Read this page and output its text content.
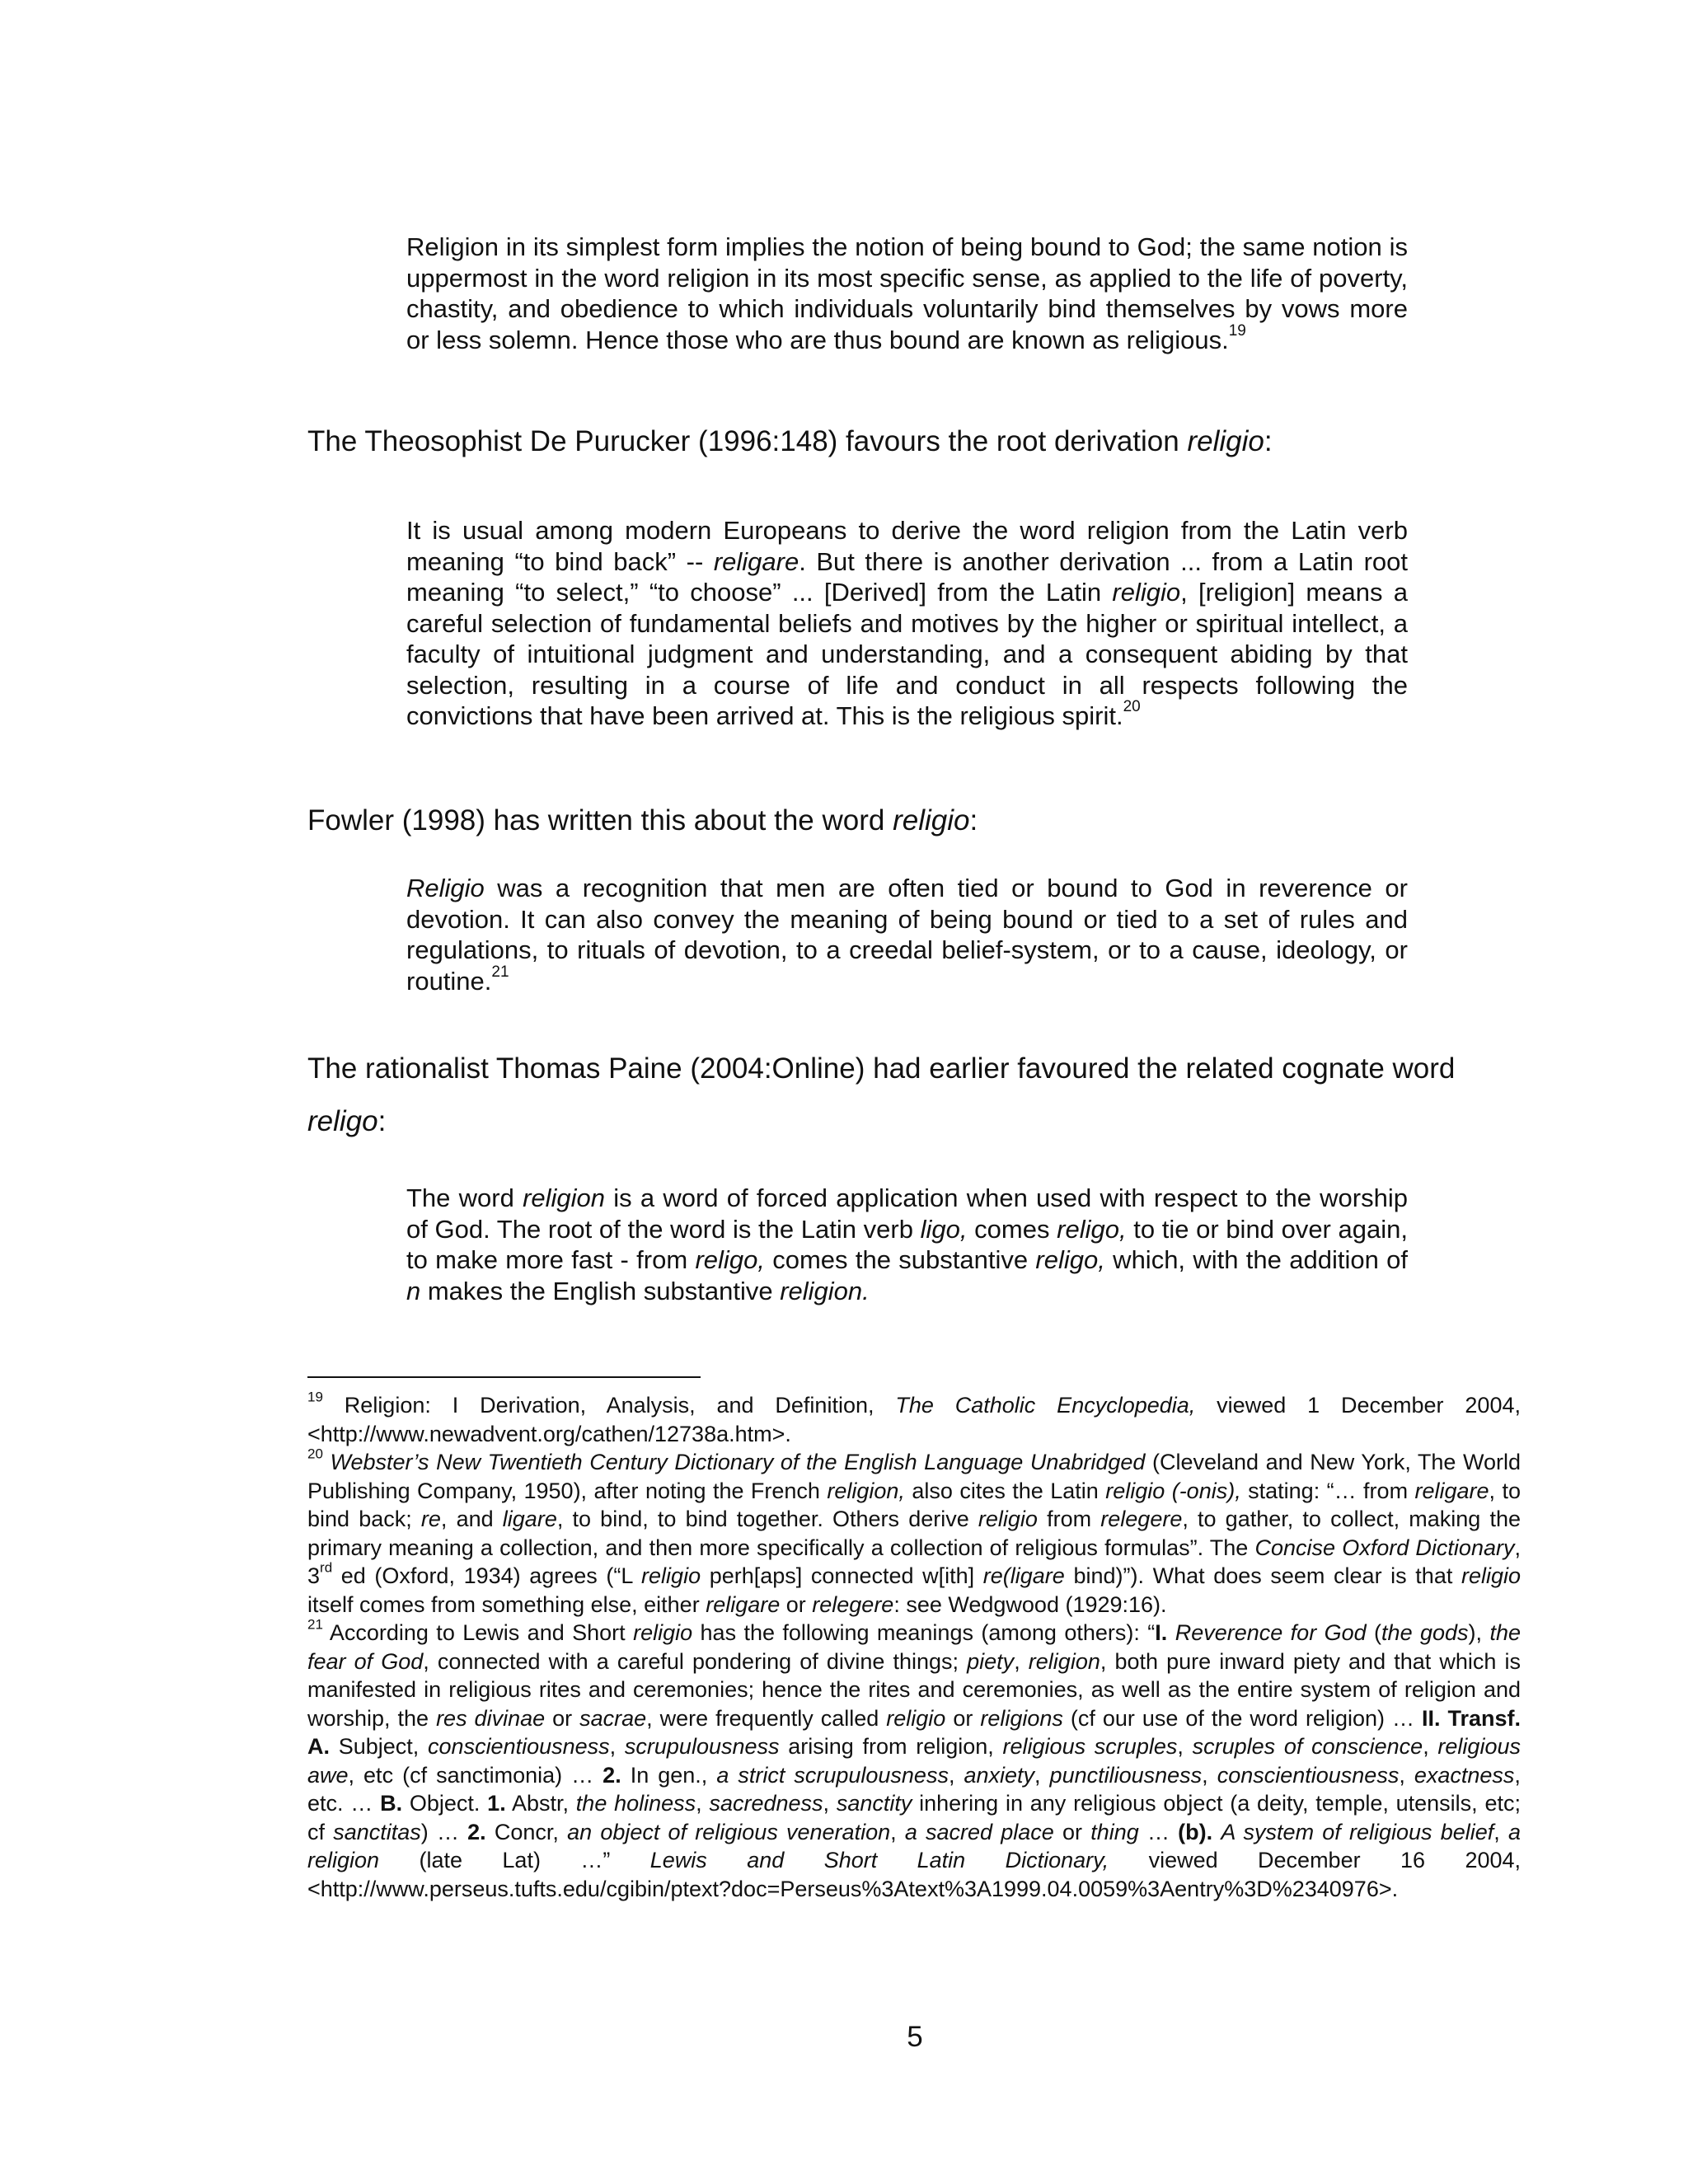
Religion in its simplest form implies the notion of being bound to God; the same notion is uppermost in the word religion in its most specific sense, as applied to the life of poverty, chastity, and obedience to which individuals voluntarily bind themselves by vows more or less solemn. Hence those who are thus bound are known as religious.$^{19}$
The Theosophist De Purucker (1996:148) favours the root derivation religio:
It is usual among modern Europeans to derive the word religion from the Latin verb meaning “to bind back” -- religare. But there is another derivation ... from a Latin root meaning “to select,” “to choose” ... [Derived] from the Latin religio, [religion] means a careful selection of fundamental beliefs and motives by the higher or spiritual intellect, a faculty of intuitional judgment and understanding, and a consequent abiding by that selection, resulting in a course of life and conduct in all respects following the convictions that have been arrived at. This is the religious spirit.$^{20}$
Fowler (1998) has written this about the word religio:
Religio was a recognition that men are often tied or bound to God in reverence or devotion. It can also convey the meaning of being bound or tied to a set of rules and regulations, to rituals of devotion, to a creedal belief-system, or to a cause, ideology, or routine.$^{21}$
The rationalist Thomas Paine (2004:Online) had earlier favoured the related cognate word
religo:
The word religion is a word of forced application when used with respect to the worship of God. The root of the word is the Latin verb ligo, comes religo, to tie or bind over again, to make more fast - from religo, comes the substantive religo, which, with the addition of n makes the English substantive religion.

$^{19}$ Religion: I Derivation, Analysis, and Definition, The Catholic Encyclopedia, viewed 1 December 2004, <http://www.newadvent.org/cathen/12738a.htm>.

$^{20}$ Webster’s New Twentieth Century Dictionary of the English Language Unabridged (Cleveland and New York, The World Publishing Company, 1950), after noting the French religion, also cites the Latin religio (-onis), stating: “… from religare, to bind back; re, and ligare, to bind, to bind together. Others derive religio from relegere, to gather, to collect, making the primary meaning a collection, and then more specifically a collection of religious formulas”. The Concise Oxford Dictionary, 3rd ed (Oxford, 1934) agrees (“L religio perh[aps] connected w[ith] re(ligare bind)”). What does seem clear is that religio itself comes from something else, either religare or relegere: see Wedgwood (1929:16).

$^{21}$ According to Lewis and Short religio has the following meanings (among others): “I. Reverence for God (the gods), the fear of God, connected with a careful pondering of divine things; piety, religion, both pure inward piety and that which is manifested in religious rites and ceremonies; hence the rites and ceremonies, as well as the entire system of religion and worship, the res divinae or sacrae, were frequently called religio or religions (cf our use of the word religion) … II. Transf. A. Subject, conscientiousness, scrupulousness arising from religion, religious scruples, scruples of conscience, religious awe, etc (cf sanctimonia) … 2. In gen., a strict scrupulousness, anxiety, punctiliousness, conscientiousness, exactness, etc. … B. Object. 1. Abstr, the holiness, sacredness, sanctity inhering in any religious object (a deity, temple, utensils, etc; cf sanctitas) … 2. Concr, an object of religious veneration, a sacred place or thing … (b). A system of religious belief, a religion (late Lat) …” Lewis and Short Latin Dictionary, viewed December 16 2004, <http://www.perseus.tufts.edu/cgibin/ptext?doc=Perseus%3Atext%3A1999.04.0059%3Aentry%3D%2340976>.

5
